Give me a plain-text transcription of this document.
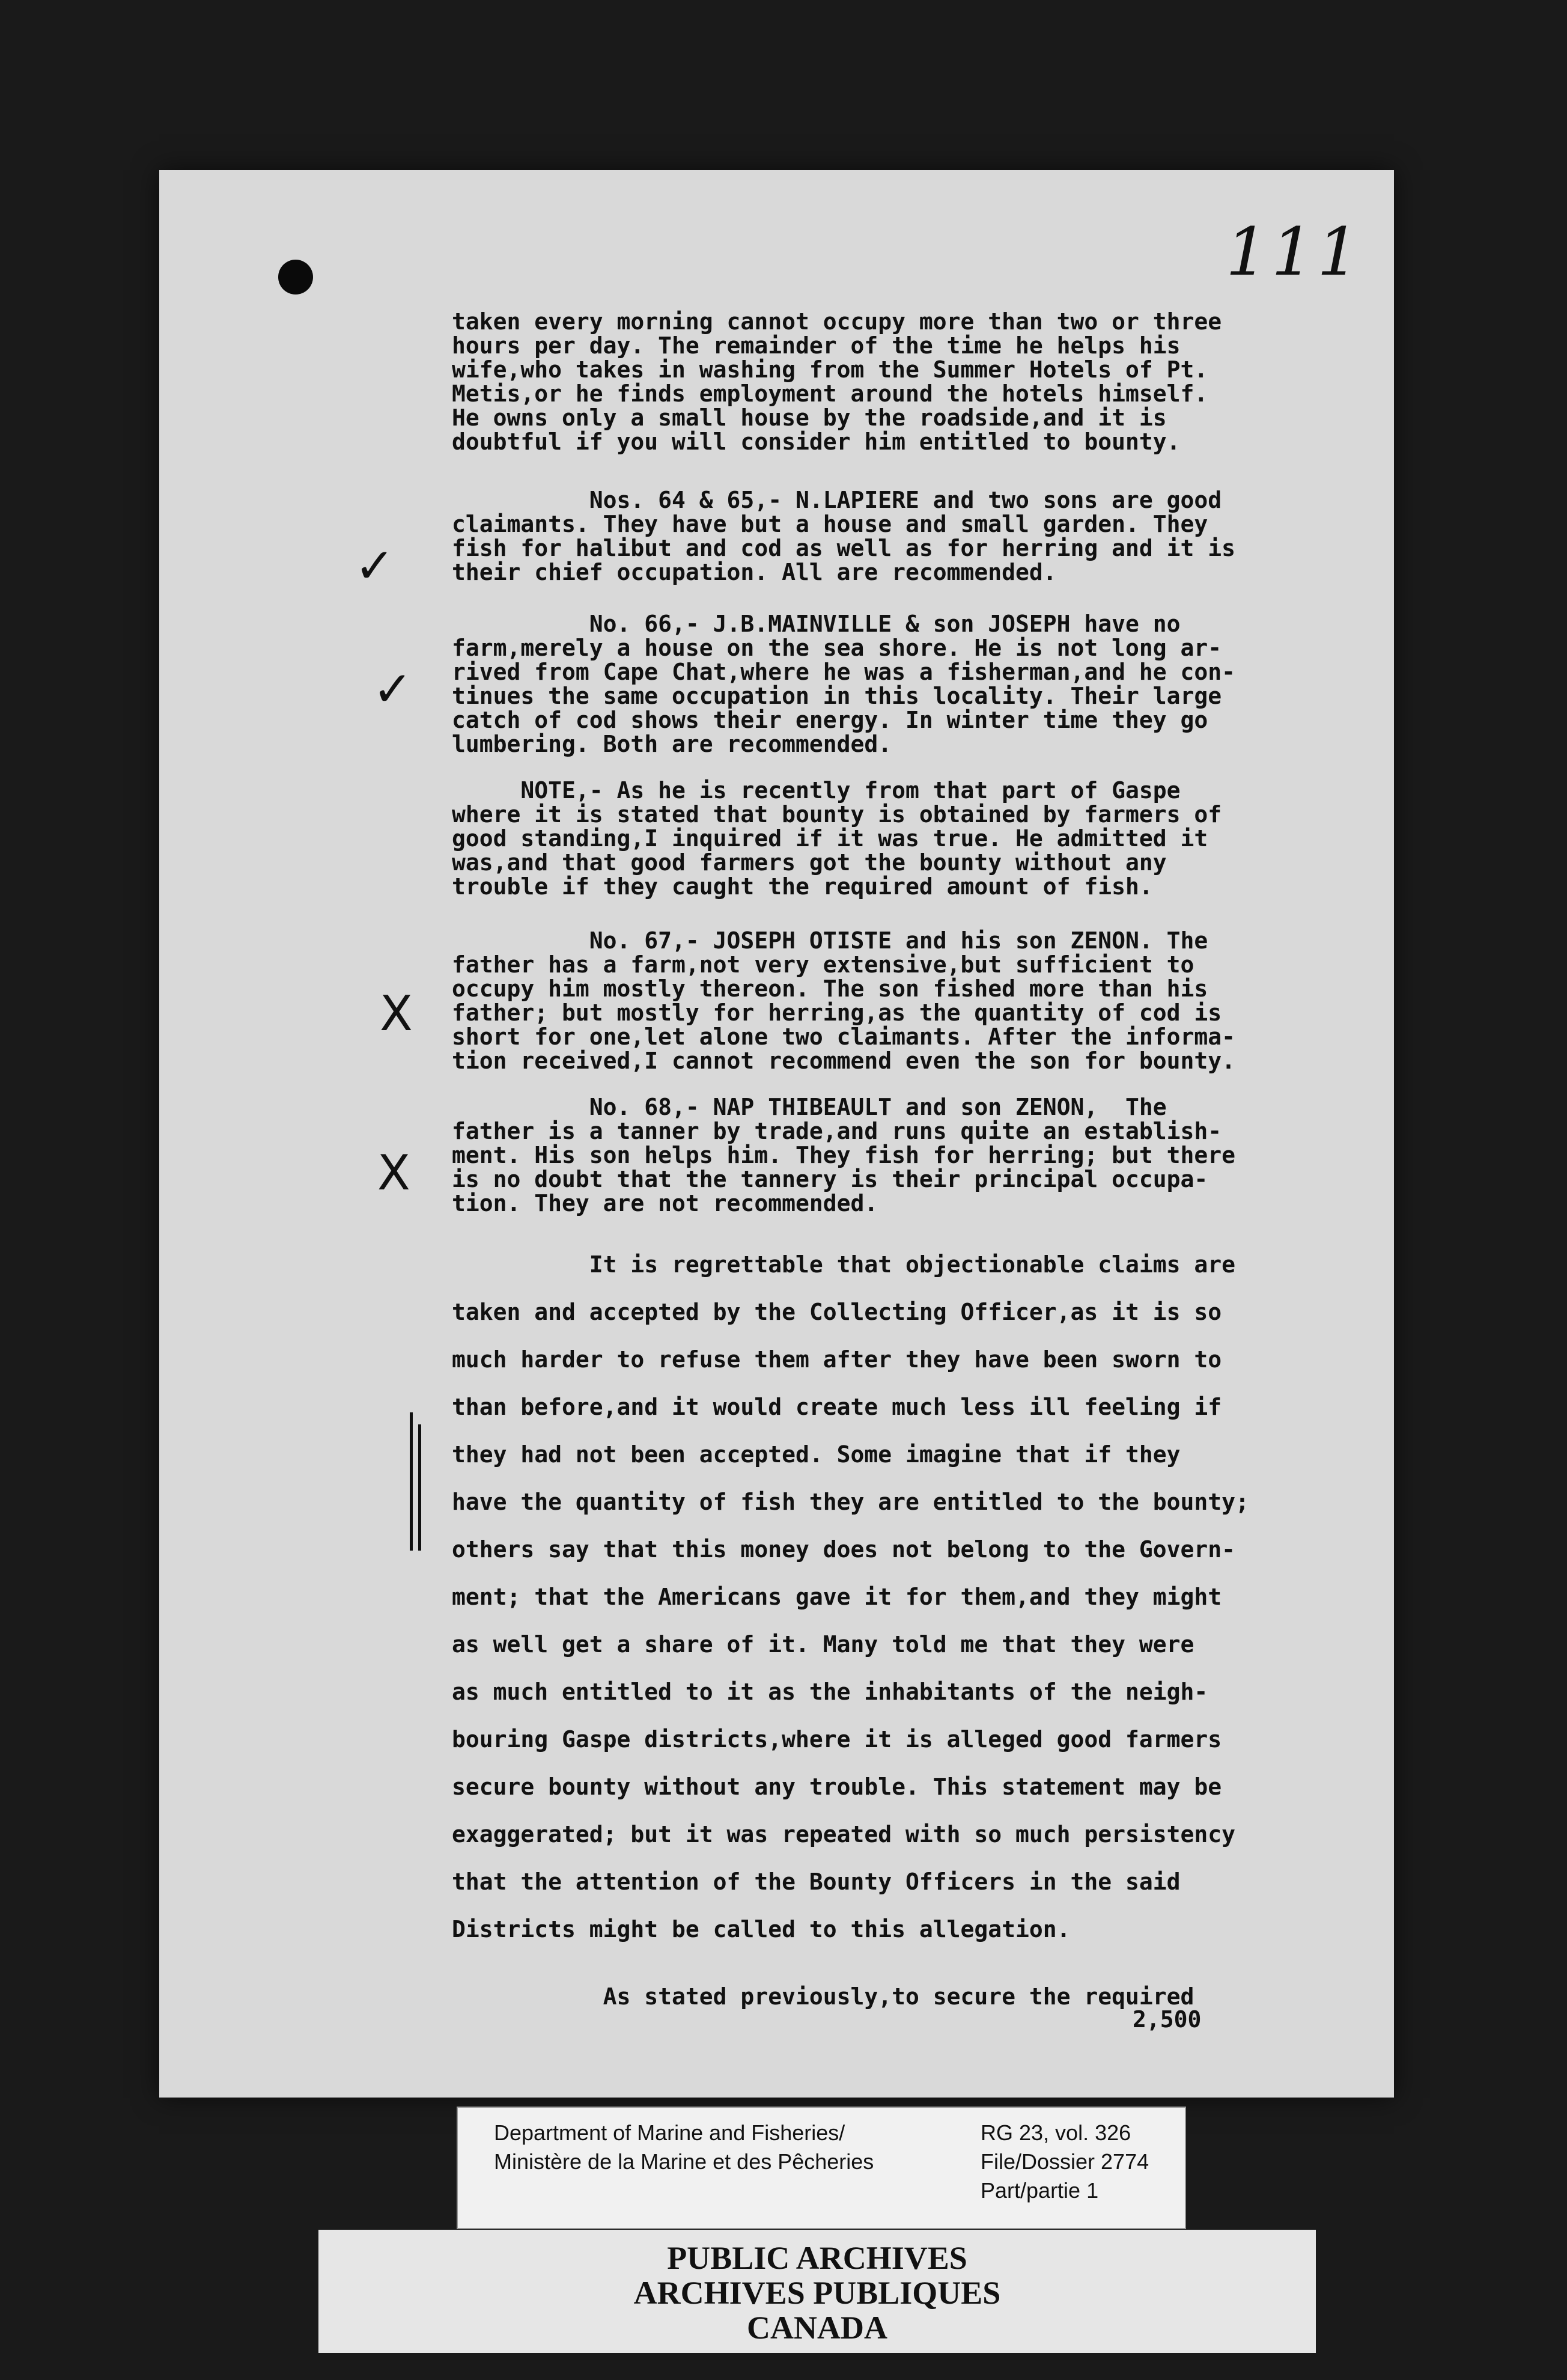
111
✓
✓
X
X
taken every morning cannot occupy more than two or three
hours per day. The remainder of the time he helps his
wife,who takes in washing from the Summer Hotels of Pt.
Metis,or he finds employment around the hotels himself.
He owns only a small house by the roadside,and it is
doubtful if you will consider him entitled to bounty.
Nos. 64 & 65,- N.LAPIERE and two sons are good
claimants. They have but a house and small garden. They
fish for halibut and cod as well as for herring and it is
their chief occupation. All are recommended.
No. 66,- J.B.MAINVILLE & son JOSEPH have no
farm,merely a house on the sea shore. He is not long ar-
rived from Cape Chat,where he was a fisherman,and he con-
tinues the same occupation in this locality. Their large
catch of cod shows their energy. In winter time they go
lumbering. Both are recommended.
NOTE,- As he is recently from that part of Gaspe
where it is stated that bounty is obtained by farmers of
good standing,I inquired if it was true. He admitted it
was,and that good farmers got the bounty without any
trouble if they caught the required amount of fish.
No. 67,- JOSEPH OTISTE and his son ZENON. The
father has a farm,not very extensive,but sufficient to
occupy him mostly thereon. The son fished more than his
father; but mostly for herring,as the quantity of cod is
short for one,let alone two claimants. After the informa-
tion received,I cannot recommend even the son for bounty.
No. 68,- NAP THIBEAULT and son ZENON,  The
father is a tanner by trade,and runs quite an establish-
ment. His son helps him. They fish for herring; but there
is no doubt that the tannery is their principal occupa-
tion. They are not recommended.
It is regrettable that objectionable claims are
taken and accepted by the Collecting Officer,as it is so
much harder to refuse them after they have been sworn to
than before,and it would create much less ill feeling if
they had not been accepted. Some imagine that if they
have the quantity of fish they are entitled to the bounty;
others say that this money does not belong to the Govern-
ment; that the Americans gave it for them,and they might
as well get a share of it. Many told me that they were
as much entitled to it as the inhabitants of the neigh-
bouring Gaspe districts,where it is alleged good farmers
secure bounty without any trouble. This statement may be
exaggerated; but it was repeated with so much persistency
that the attention of the Bounty Officers in the said
Districts might be called to this allegation.
As stated previously,to secure the required
2,500
Department of Marine and Fisheries/
Ministère de la Marine et des Pêcheries
RG 23, vol. 326
File/Dossier 2774
Part/partie 1
PUBLIC ARCHIVES
ARCHIVES PUBLIQUES
CANADA
